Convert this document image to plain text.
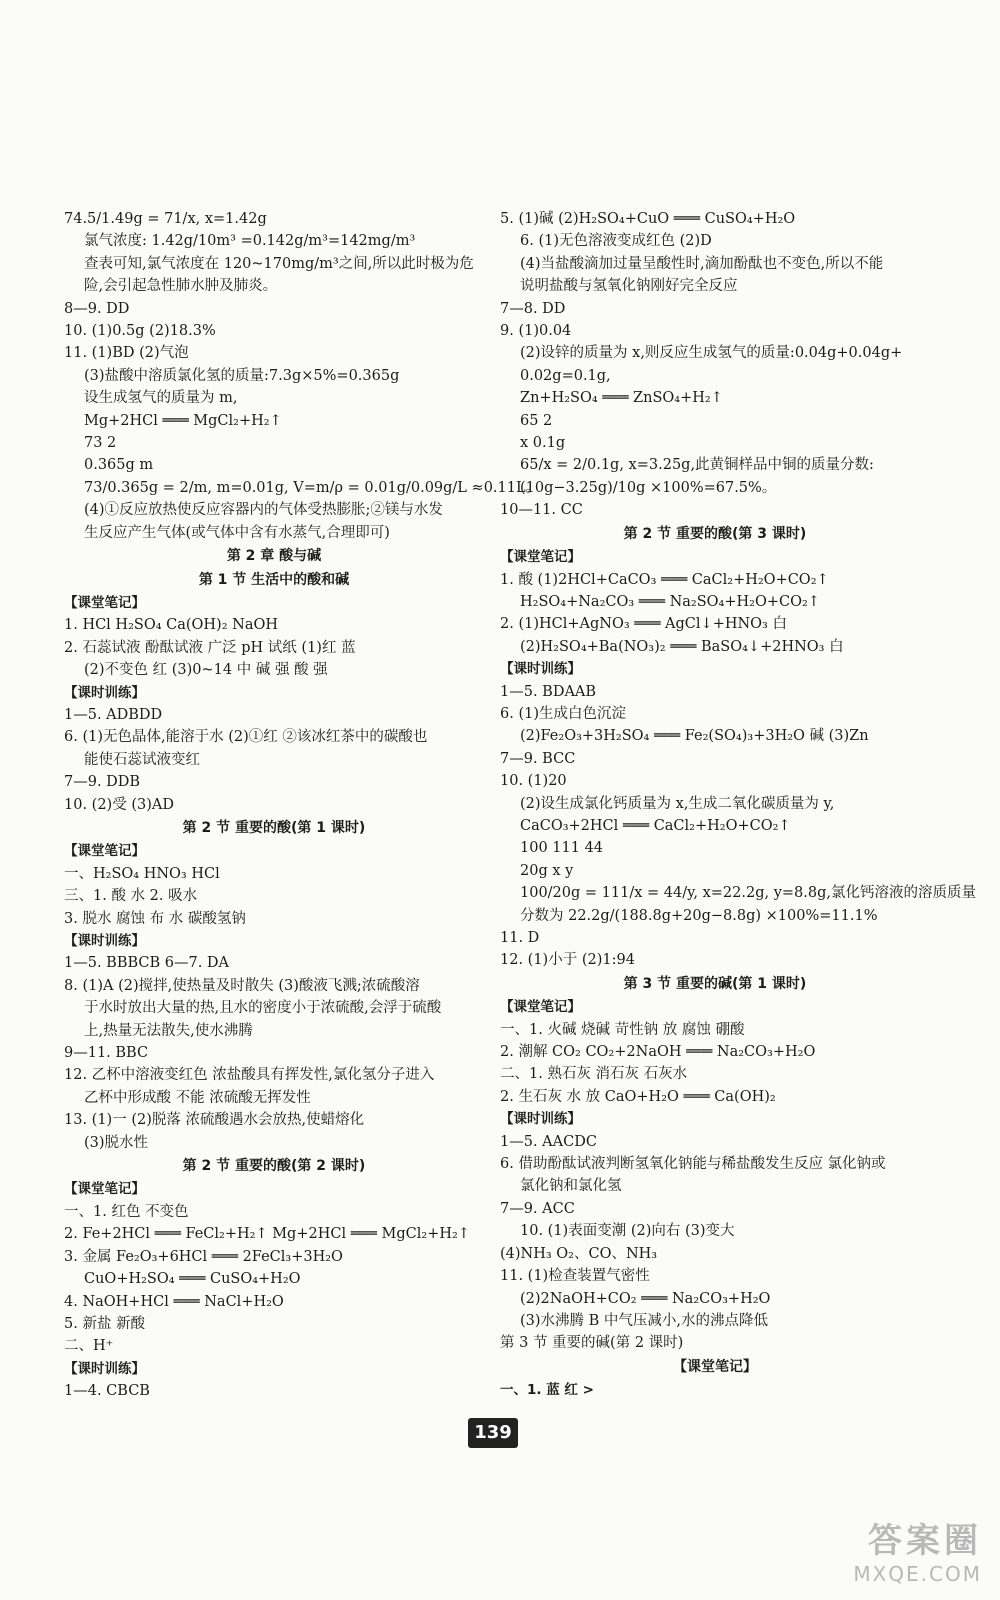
74.5/1.49g = 71/x, x=1.42g
氯气浓度: 1.42g/10m³ =0.142g/m³=142mg/m³
查表可知,氯气浓度在 120~170mg/m³之间,所以此时极为危
险,会引起急性肺水肿及肺炎。
8—9. DD
10. (1)0.5g (2)18.3%
11. (1)BD (2)气泡
(3)盐酸中溶质氯化氢的质量:7.3g×5%=0.365g
设生成氢气的质量为 m,
Mg+2HCl ═══ MgCl₂+H₂↑
73 2
0.365g m
73/0.365g = 2/m, m=0.01g, V=m/ρ = 0.01g/0.09g/L ≈0.11L。
(4)①反应放热使反应容器内的气体受热膨胀;②镁与水发
生反应产生气体(或气体中含有水蒸气,合理即可)
第 2 章 酸与碱
第 1 节 生活中的酸和碱
【课堂笔记】
1. HCl H₂SO₄ Ca(OH)₂ NaOH
2. 石蕊试液 酚酞试液 广泛 pH 试纸 (1)红 蓝
(2)不变色 红 (3)0~14 中 碱 强 酸 强
【课时训练】
1—5. ADBDD
6. (1)无色晶体,能溶于水 (2)①红 ②该冰红茶中的碳酸也
能使石蕊试液变红
7—9. DDB
10. (2)受 (3)AD
第 2 节 重要的酸(第 1 课时)
【课堂笔记】
一、H₂SO₄ HNO₃ HCl
三、1. 酸 水 2. 吸水
3. 脱水 腐蚀 布 水 碳酸氢钠
【课时训练】
1—5. BBBCB 6—7. DA
8. (1)A (2)搅拌,使热量及时散失 (3)酸液飞溅;浓硫酸溶
于水时放出大量的热,且水的密度小于浓硫酸,会浮于硫酸
上,热量无法散失,使水沸腾
9—11. BBC
12. 乙杯中溶液变红色 浓盐酸具有挥发性,氯化氢分子进入
乙杯中形成酸 不能 浓硫酸无挥发性
13. (1)一 (2)脱落 浓硫酸遇水会放热,使蜡熔化
(3)脱水性
第 2 节 重要的酸(第 2 课时)
【课堂笔记】
一、1. 红色 不变色
2. Fe+2HCl ═══ FeCl₂+H₂↑ Mg+2HCl ═══ MgCl₂+H₂↑
3. 金属 Fe₂O₃+6HCl ═══ 2FeCl₃+3H₂O
CuO+H₂SO₄ ═══ CuSO₄+H₂O
4. NaOH+HCl ═══ NaCl+H₂O
5. 新盐 新酸
二、H⁺
【课时训练】
1—4. CBCB
5. (1)碱 (2)H₂SO₄+CuO ═══ CuSO₄+H₂O
6. (1)无色溶液变成红色 (2)D
(4)当盐酸滴加过量呈酸性时,滴加酚酞也不变色,所以不能
说明盐酸与氢氧化钠刚好完全反应
7—8. DD
9. (1)0.04
(2)设锌的质量为 x,则反应生成氢气的质量:0.04g+0.04g+
0.02g=0.1g,
Zn+H₂SO₄ ═══ ZnSO₄+H₂↑
65 2
x 0.1g
65/x = 2/0.1g, x=3.25g,此黄铜样品中铜的质量分数:
(10g−3.25g)/10g ×100%=67.5%。
10—11. CC
第 2 节 重要的酸(第 3 课时)
【课堂笔记】
1. 酸 (1)2HCl+CaCO₃ ═══ CaCl₂+H₂O+CO₂↑
H₂SO₄+Na₂CO₃ ═══ Na₂SO₄+H₂O+CO₂↑
2. (1)HCl+AgNO₃ ═══ AgCl↓+HNO₃ 白
(2)H₂SO₄+Ba(NO₃)₂ ═══ BaSO₄↓+2HNO₃ 白
【课时训练】
1—5. BDAAB
6. (1)生成白色沉淀
(2)Fe₂O₃+3H₂SO₄ ═══ Fe₂(SO₄)₃+3H₂O 碱 (3)Zn
7—9. BCC
10. (1)20
(2)设生成氯化钙质量为 x,生成二氧化碳质量为 y,
CaCO₃+2HCl ═══ CaCl₂+H₂O+CO₂↑
100 111 44
20g x y
100/20g = 111/x = 44/y, x=22.2g, y=8.8g,氯化钙溶液的溶质质量
分数为 22.2g/(188.8g+20g−8.8g) ×100%=11.1%
11. D
12. (1)小于 (2)1:94
第 3 节 重要的碱(第 1 课时)
【课堂笔记】
一、1. 火碱 烧碱 苛性钠 放 腐蚀 硼酸
2. 潮解 CO₂ CO₂+2NaOH ═══ Na₂CO₃+H₂O
二、1. 熟石灰 消石灰 石灰水
2. 生石灰 水 放 CaO+H₂O ═══ Ca(OH)₂
【课时训练】
1—5. AACDC
6. 借助酚酞试液判断氢氧化钠能与稀盐酸发生反应 氯化钠或
氯化钠和氯化氢
7—9. ACC
10. (1)表面变潮 (2)向右 (3)变大
(4)NH₃ O₂、CO、NH₃
11. (1)检查装置气密性
(2)2NaOH+CO₂ ═══ Na₂CO₃+H₂O
(3)水沸腾 B 中气压减小,水的沸点降低
第 3 节 重要的碱(第 2 课时)
【课堂笔记】
一、1. 蓝 红 >
139
答案圈
MXQE.COM
